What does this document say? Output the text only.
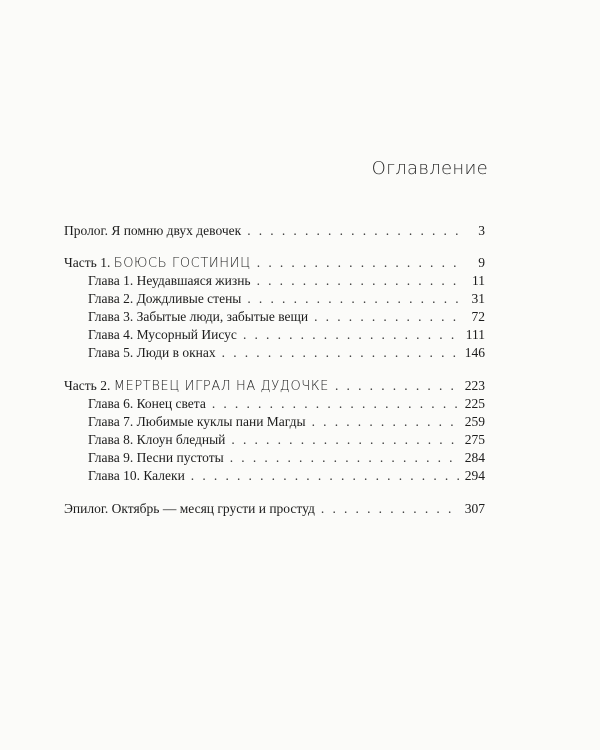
Оглавление
Пролог. Я помню двух девочек . . .	3
Часть 1. БОЮСЬ ГОСТИНИЦ . . .	9
Глава 1. Неудавшаяся жизнь . . .	11
Глава 2. Дождливые стены . . .	31
Глава 3. Забытые люди, забытые вещи . . .	72
Глава 4. Мусорный Иисус . . .	111
Глава 5. Люди в окнах . . .	146
Часть 2. МЕРТВЕЦ ИГРАЛ НА ДУДОЧКЕ . . .	223
Глава 6. Конец света . . .	225
Глава 7. Любимые куклы пани Магды . . .	259
Глава 8. Клоун бледный . . .	275
Глава 9. Песни пустоты . . .	284
Глава 10. Калеки . . .	294
Эпилог. Октябрь — месяц грусти и простуд . . .	307
